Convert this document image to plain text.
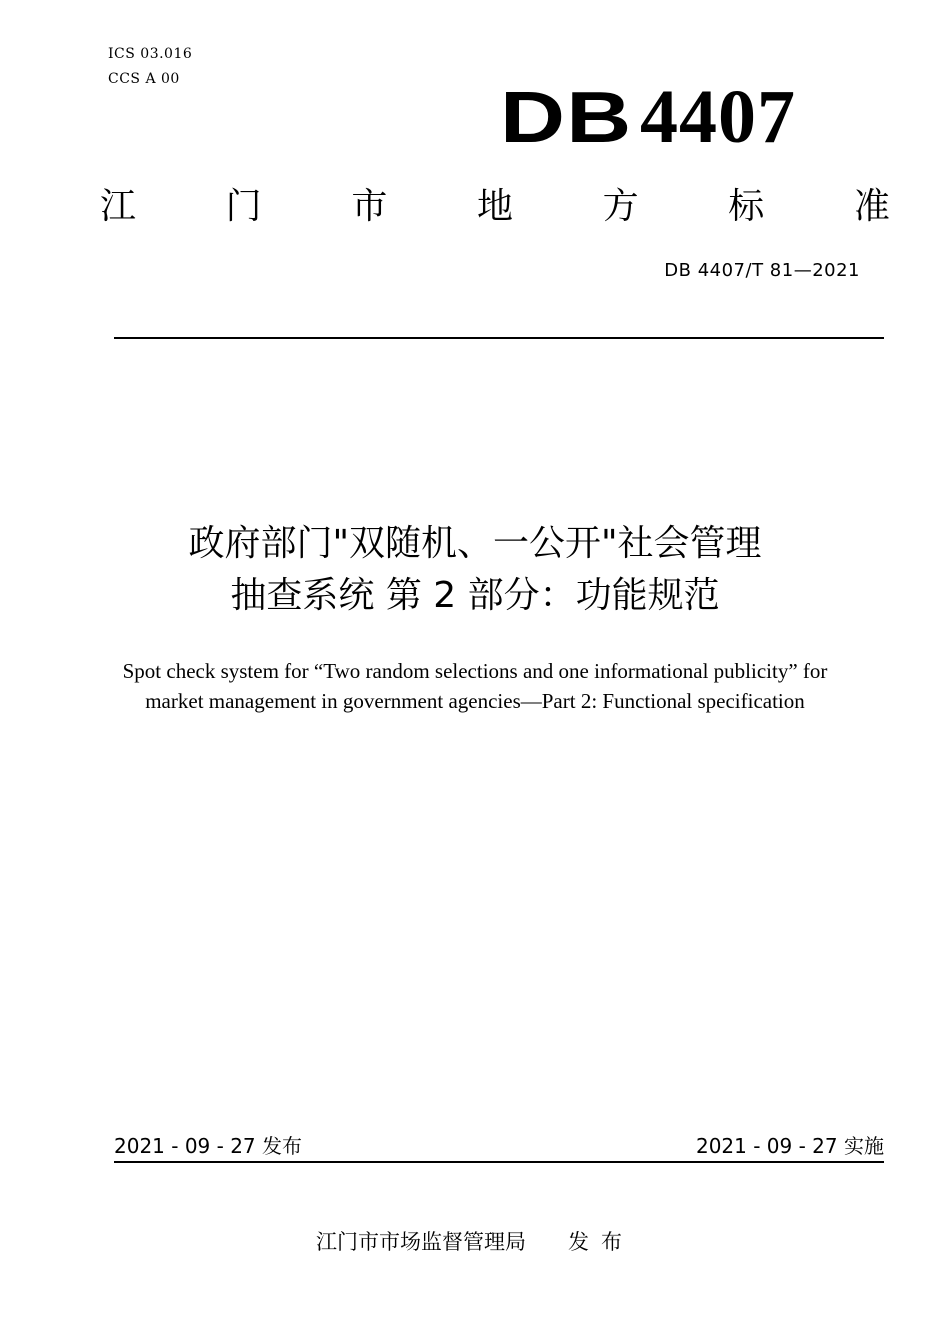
ICS 03.016
CCS A 00	DB4407
江 门 市 地 方 标 准
DB 4407/T 81—2021
政府部门"双随机、一公开"社会管理
抽查系统 第 2 部分：功能规范
Spot check system for “Two random selections and one informational publicity” for
market management in government agencies—Part 2: Functional specification
2021 - 09 - 27 发布	2021 - 09 - 27 实施
江门市市场监督管理局 发布
